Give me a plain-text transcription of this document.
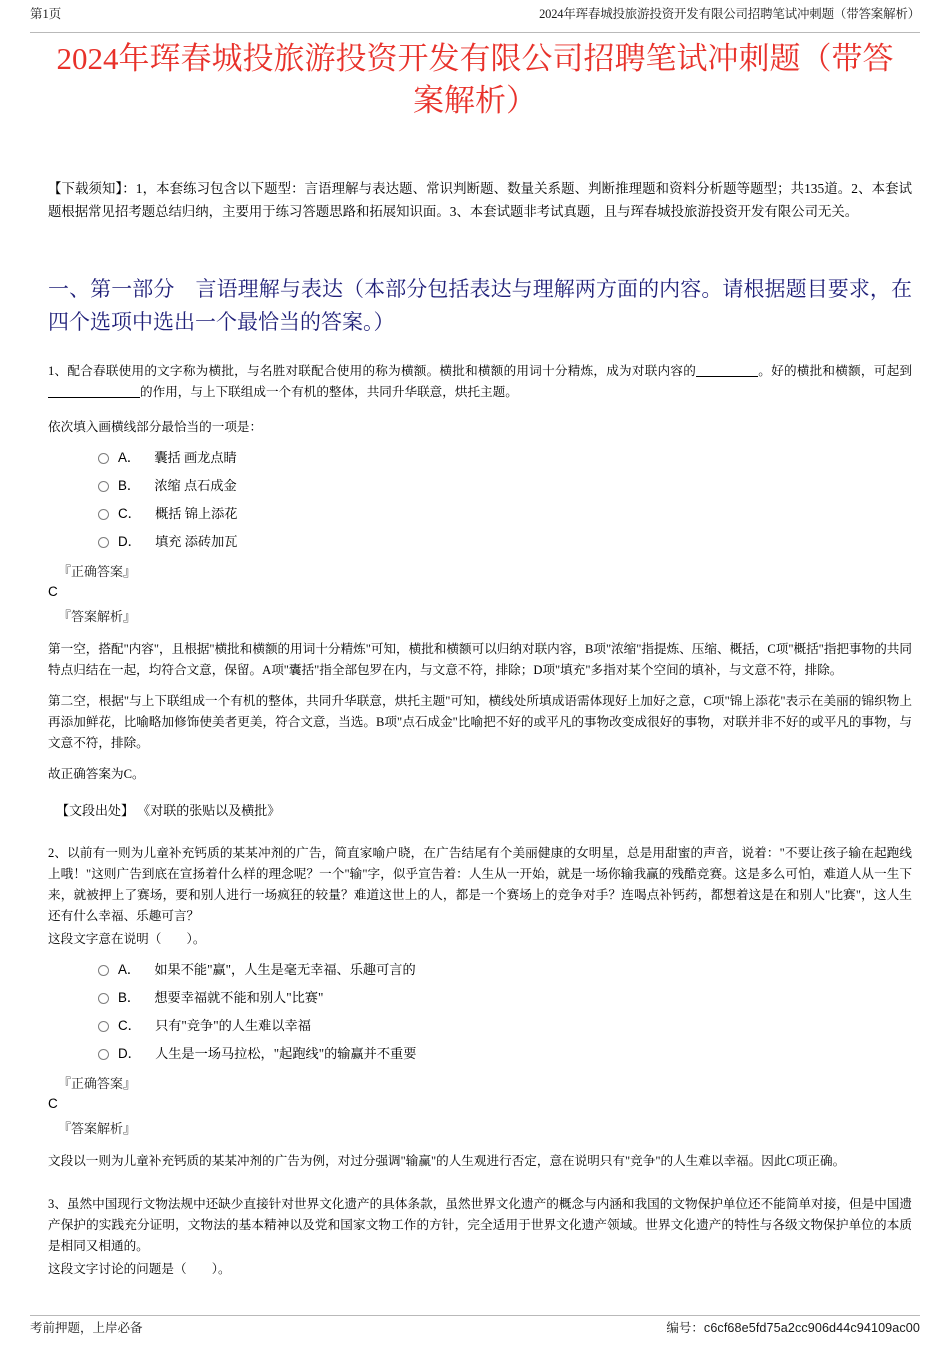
第1页	2024年珲春城投旅游投资开发有限公司招聘笔试冲刺题（带答案解析）
2024年珲春城投旅游投资开发有限公司招聘笔试冲刺题（带答案解析）

【下载须知】：1，本套练习包含以下题型：言语理解与表达题、常识判断题、数量关系题、判断推理题和资料分析题等题型；共135道。2、本套试题根据常见招考题总结归纳，主要用于练习答题思路和拓展知识面。3、本套试题非考试真题，且与珲春城投旅游投资开发有限公司无关。

一、第一部分　言语理解与表达（本部分包括表达与理解两方面的内容。请根据题目要求，在四个选项中选出一个最恰当的答案。）

1、配合春联使用的文字称为横批，与名胜对联配合使用的称为横额。横批和横额的用词十分精炼，成为对联内容的	。好的横批和横额，可起到的作用，与上下联组成一个有机的整体，共同升华联意，烘托主题。

依次填入画横线部分最恰当的一项是：

A． 囊括 画龙点睛
B． 浓缩 点石成金
C． 概括 锦上添花
D． 填充 添砖加瓦
『正确答案』
C
『答案解析』

第一空，搭配"内容"，且根据"横批和横额的用词十分精炼"可知，横批和横额可以归纳对联内容，B项"浓缩"指提炼、压缩、概括，C项"概括"指把事物的共同特点归结在一起，均符合文意，保留。A项"囊括"指全部包罗在内，与文意不符，排除；D项"填充"多指对某个空间的填补，与文意不符，排除。

第二空，根据"与上下联组成一个有机的整体，共同升华联意，烘托主题"可知，横线处所填成语需体现好上加好之意，C项"锦上添花"表示在美丽的锦织物上再添加鲜花，比喻略加修饰使美者更美，符合文意，当选。B项"点石成金"比喻把不好的或平凡的事物改变成很好的事物，对联并非不好的或平凡的事物，与文意不符，排除。

故正确答案为C。

【文段出处】 《对联的张贴以及横批》

2、以前有一则为儿童补充钙质的某某冲剂的广告，简直家喻户晓，在广告结尾有个美丽健康的女明星，总是用甜蜜的声音，说着："不要让孩子输在起跑线上哦！"这则广告到底在宣扬着什么样的理念呢？一个"输"字，似乎宣告着：人生从一开始，就是一场你输我赢的残酷竞赛。这是多么可怕，难道人从一生下来，就被押上了赛场，要和别人进行一场疯狂的较量？难道这世上的人，都是一个赛场上的竞争对手？连喝点补钙药，都想着这是在和别人"比赛"，这人生还有什么幸福、乐趣可言？

这段文字意在说明（　　）。

A． 如果不能"赢"，人生是毫无幸福、乐趣可言的
B． 想要幸福就不能和别人"比赛"
C． 只有"竞争"的人生难以幸福
D． 人生是一场马拉松，"起跑线"的输赢并不重要
『正确答案』
C
『答案解析』

文段以一则为儿童补充钙质的某某冲剂的广告为例，对过分强调"输赢"的人生观进行否定，意在说明只有"竞争"的人生难以幸福。因此C项正确。

3、虽然中国现行文物法规中还缺少直接针对世界文化遗产的具体条款，虽然世界文化遗产的概念与内涵和我国的文物保护单位还不能简单对接，但是中国遗产保护的实践充分证明，文物法的基本精神以及党和国家文物工作的方针，完全适用于世界文化遗产领域。世界文化遗产的特性与各级文物保护单位的本质是相同又相通的。

这段文字讨论的问题是（　　）。

考前押题，上岸必备	编号：c6cf68e5fd75a2cc906d44c94109ac00
